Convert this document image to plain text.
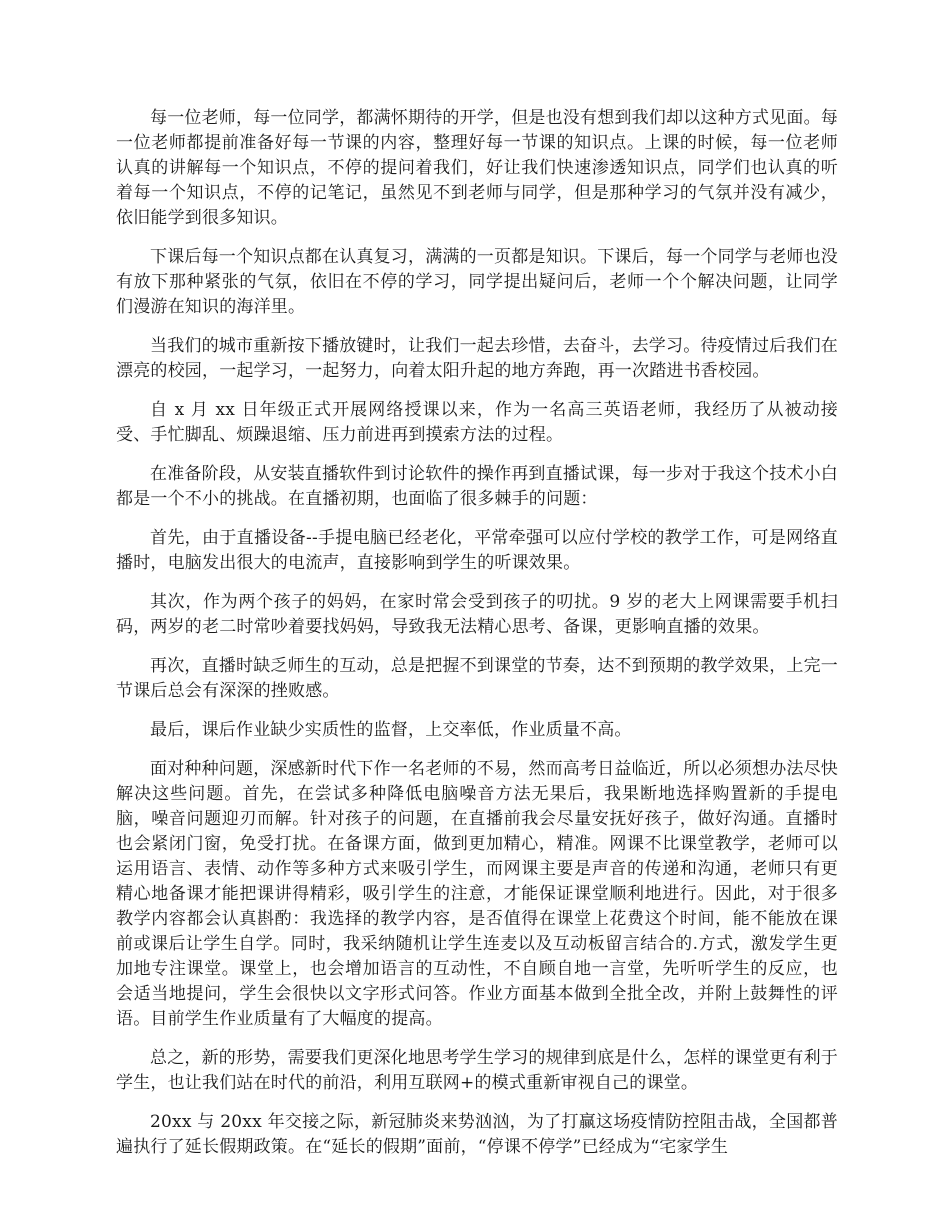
每一位老师，每一位同学，都满怀期待的开学，但是也没有想到我们却以这种方式见面。每一位老师都提前准备好每一节课的内容，整理好每一节课的知识点。上课的时候，每一位老师认真的讲解每一个知识点，不停的提问着我们，好让我们快速渗透知识点，同学们也认真的听着每一个知识点，不停的记笔记，虽然见不到老师与同学，但是那种学习的气氛并没有减少，依旧能学到很多知识。

下课后每一个知识点都在认真复习，满满的一页都是知识。下课后，每一个同学与老师也没有放下那种紧张的气氛，依旧在不停的学习，同学提出疑问后，老师一个个解决问题，让同学们漫游在知识的海洋里。

当我们的城市重新按下播放键时，让我们一起去珍惜，去奋斗，去学习。待疫情过后我们在漂亮的校园，一起学习，一起努力，向着太阳升起的地方奔跑，再一次踏进书香校园。

自 x 月 xx 日年级正式开展网络授课以来，作为一名高三英语老师，我经历了从被动接受、手忙脚乱、烦躁退缩、压力前进再到摸索方法的过程。

在准备阶段，从安装直播软件到讨论软件的操作再到直播试课，每一步对于我这个技术小白都是一个不小的挑战。在直播初期，也面临了很多棘手的问题：

首先，由于直播设备--手提电脑已经老化，平常牵强可以应付学校的教学工作，可是网络直播时，电脑发出很大的电流声，直接影响到学生的听课效果。

其次，作为两个孩子的妈妈，在家时常会受到孩子的叨扰。9 岁的老大上网课需要手机扫码，两岁的老二时常吵着要找妈妈，导致我无法精心思考、备课，更影响直播的效果。

再次，直播时缺乏师生的互动，总是把握不到课堂的节奏，达不到预期的教学效果，上完一节课后总会有深深的挫败感。

最后，课后作业缺少实质性的监督，上交率低，作业质量不高。

面对种种问题，深感新时代下作一名老师的不易，然而高考日益临近，所以必须想办法尽快解决这些问题。首先，在尝试多种降低电脑噪音方法无果后，我果断地选择购置新的手提电脑，噪音问题迎刃而解。针对孩子的问题，在直播前我会尽量安抚好孩子，做好沟通。直播时也会紧闭门窗，免受打扰。在备课方面，做到更加精心，精准。网课不比课堂教学，老师可以运用语言、表情、动作等多种方式来吸引学生，而网课主要是声音的传递和沟通，老师只有更精心地备课才能把课讲得精彩，吸引学生的注意，才能保证课堂顺利地进行。因此，对于很多教学内容都会认真斟酌：我选择的教学内容，是否值得在课堂上花费这个时间，能不能放在课前或课后让学生自学。同时，我采纳随机让学生连麦以及互动板留言结合的.方式，激发学生更加地专注课堂。课堂上，也会增加语言的互动性，不自顾自地一言堂，先听听学生的反应，也会适当地提问，学生会很快以文字形式问答。作业方面基本做到全批全改，并附上鼓舞性的评语。目前学生作业质量有了大幅度的提高。

总之，新的形势，需要我们更深化地思考学生学习的规律到底是什么，怎样的课堂更有利于学生，也让我们站在时代的前沿，利用互联网+的模式重新审视自己的课堂。

20xx 与 20xx 年交接之际，新冠肺炎来势汹汹，为了打赢这场疫情防控阻击战，全国都普遍执行了延长假期政策。在“延长的假期”面前，“停课不停学”已经成为“宅家学生
